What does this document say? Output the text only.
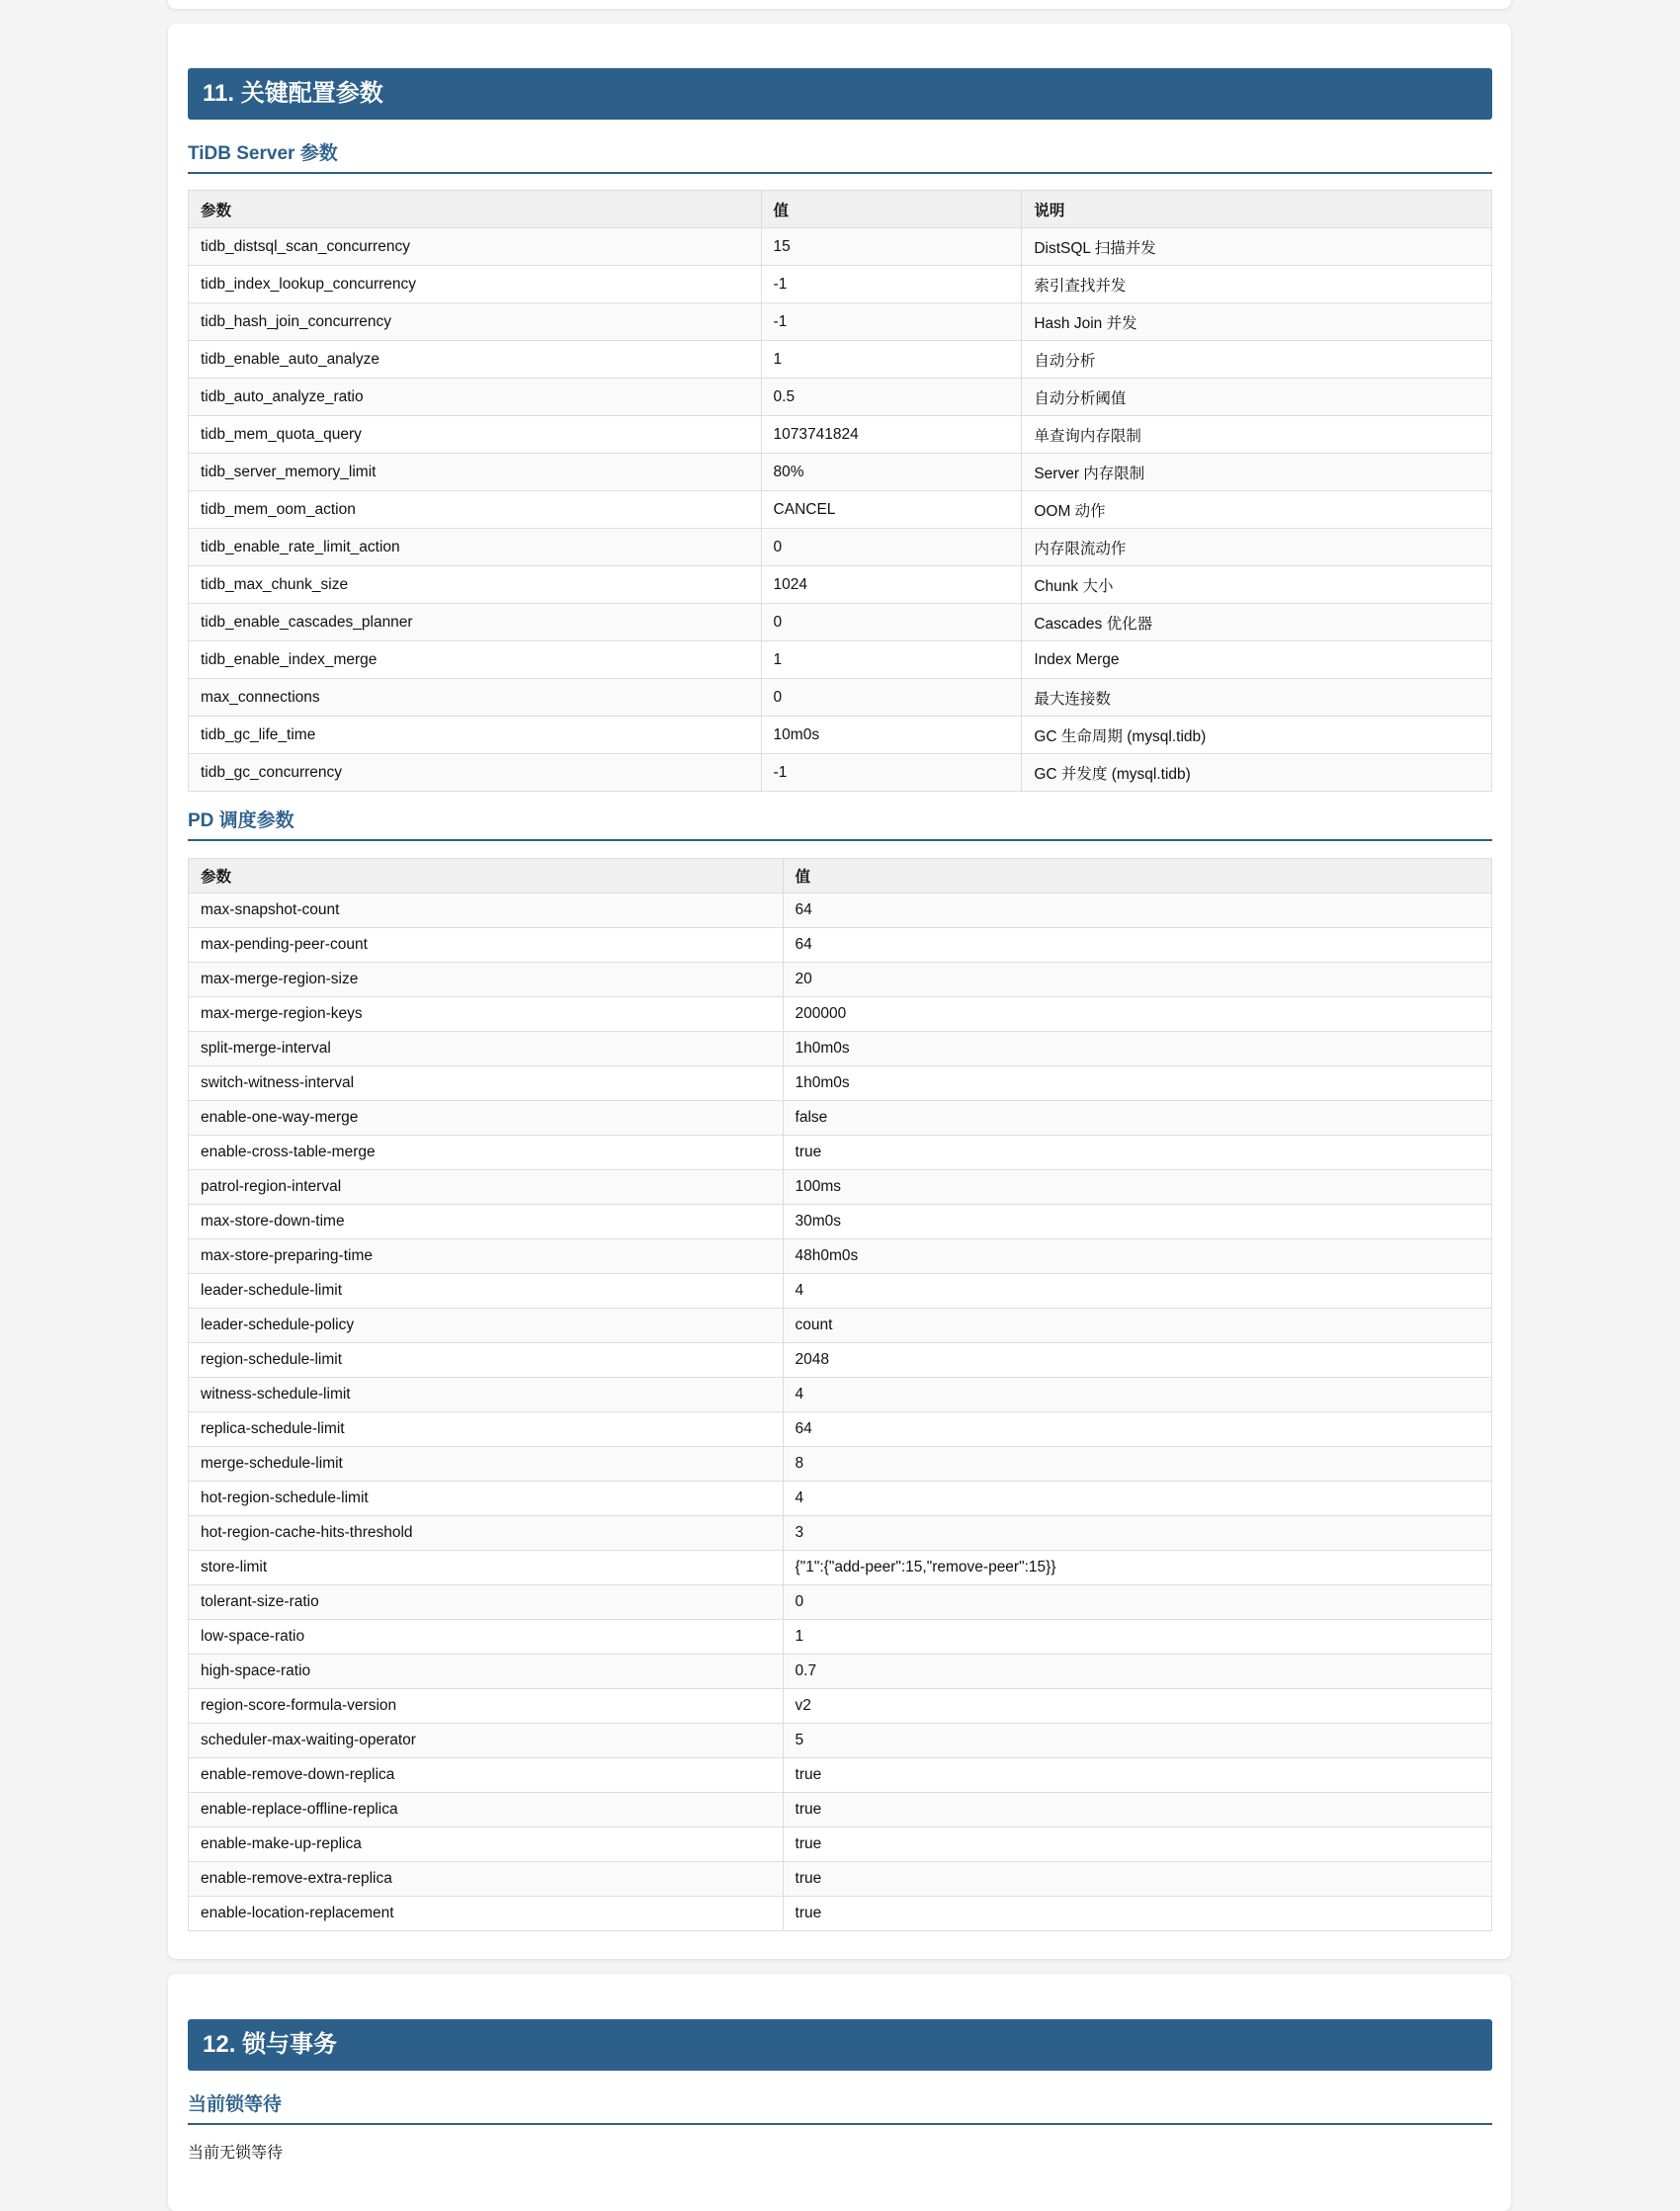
11. 关键配置参数
TiDB Server 参数
参数	值	说明
tidb_distsql_scan_concurrency	15	DistSQL 扫描并发
tidb_index_lookup_concurrency	-1	索引查找并发
tidb_hash_join_concurrency	-1	Hash Join 并发
tidb_enable_auto_analyze	1	自动分析
tidb_auto_analyze_ratio	0.5	自动分析阈值
tidb_mem_quota_query	1073741824	单查询内存限制
tidb_server_memory_limit	80%	Server 内存限制
tidb_mem_oom_action	CANCEL	OOM 动作
tidb_enable_rate_limit_action	0	内存限流动作
tidb_max_chunk_size	1024	Chunk 大小
tidb_enable_cascades_planner	0	Cascades 优化器
tidb_enable_index_merge	1	Index Merge
max_connections	0	最大连接数
tidb_gc_life_time	10m0s	GC 生命周期 (mysql.tidb)
tidb_gc_concurrency	-1	GC 并发度 (mysql.tidb)
PD 调度参数
参数	值
max-snapshot-count	64
max-pending-peer-count	64
max-merge-region-size	20
max-merge-region-keys	200000
split-merge-interval	1h0m0s
switch-witness-interval	1h0m0s
enable-one-way-merge	false
enable-cross-table-merge	true
patrol-region-interval	100ms
max-store-down-time	30m0s
max-store-preparing-time	48h0m0s
leader-schedule-limit	4
leader-schedule-policy	count
region-schedule-limit	2048
witness-schedule-limit	4
replica-schedule-limit	64
merge-schedule-limit	8
hot-region-schedule-limit	4
hot-region-cache-hits-threshold	3
store-limit	{"1":{"add-peer":15,"remove-peer":15}}
tolerant-size-ratio	0
low-space-ratio	1
high-space-ratio	0.7
region-score-formula-version	v2
scheduler-max-waiting-operator	5
enable-remove-down-replica	true
enable-replace-offline-replica	true
enable-make-up-replica	true
enable-remove-extra-replica	true
enable-location-replacement	true
12. 锁与事务
当前锁等待
当前无锁等待
